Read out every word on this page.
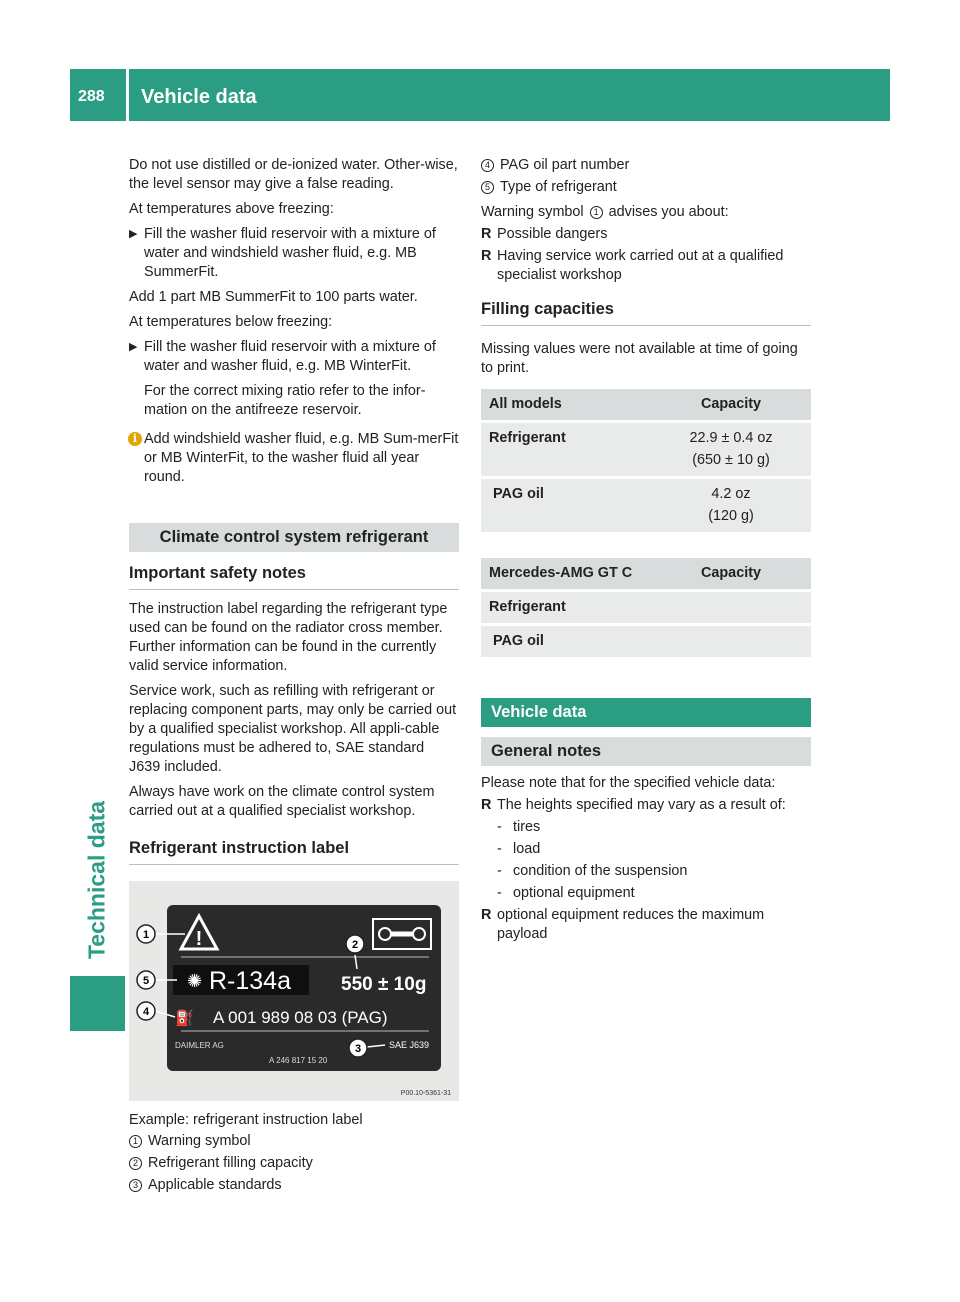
288 Vehicle data
Technical data

Do not use distilled or de-ionized water. Other-wise, the level sensor may give a false reading.

At temperatures above freezing:

▶ Fill the washer fluid reservoir with a mixture of water and windshield washer fluid, e.g. MB SummerFit.

Add 1 part MB SummerFit to 100 parts water.

At temperatures below freezing:

▶ Fill the washer fluid reservoir with a mixture of water and washer fluid, e.g. MB WinterFit.
For the correct mixing ratio refer to the infor-mation on the antifreeze reservoir.
i Add windshield washer fluid, e.g. MB Sum-merFit or MB WinterFit, to the washer fluid all year round.
Climate control system refrigerant
Important safety notes

The instruction label regarding the refrigerant type used can be found on the radiator cross member. Further information can be found in the currently valid service information.

Service work, such as refilling with refrigerant or replacing component parts, may only be carried out by a qualified specialist workshop. All appli-cable regulations must be adhered to, SAE standard J639 included.

Always have work on the climate control system carried out at a qualified specialist workshop.

Refrigerant instruction label
!
✺ R-134a	550 ± 10g
⛽ A 001 989 08 03 (PAG)
DAIMLER AG	SAE J639
A 246 817 15 20
P00.10-5361-31
1
2
3
4
5

Example: refrigerant instruction label

1 Warning symbol
2 Refrigerant filling capacity
3 Applicable standards
4 PAG oil part number
5 Type of refrigerant

Warning symbol 1 advises you about:

R Possible dangers
R Having service work carried out at a qualified specialist workshop
Filling capacities

Missing values were not available at time of going to print.

All models	Capacity
Refrigerant	22.9 ± 0.4 oz
(650 ± 10 g)

PAG oil	4.2 oz
(120 g)
Mercedes-AMG GT C	Capacity
Refrigerant	
PAG oil	
Vehicle data
General notes

Please note that for the specified vehicle data:

R The heights specified may vary as a result of:
- tires
- load
- condition of the suspension
- optional equipment
R optional equipment reduces the maximum payload
